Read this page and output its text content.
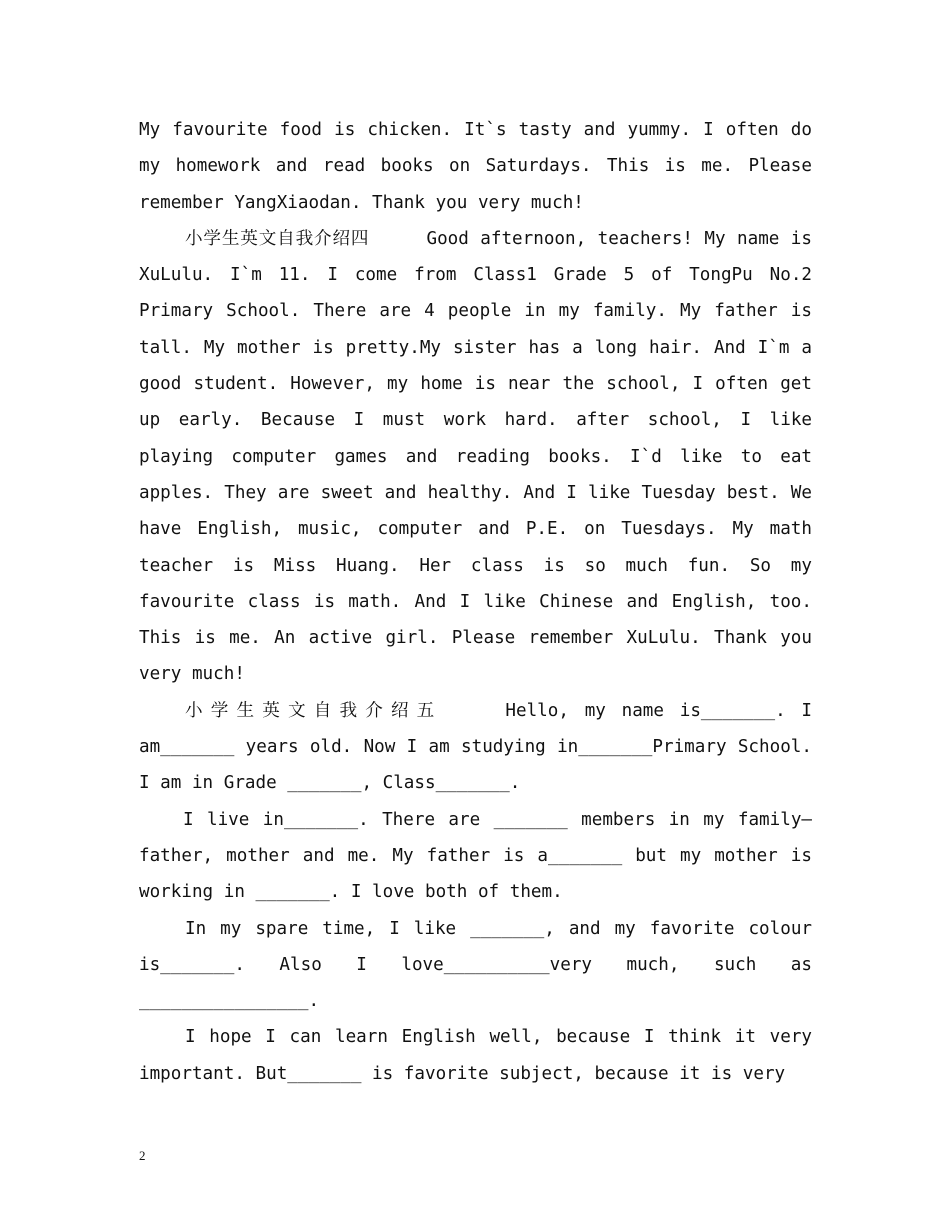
My favourite food is chicken. It`s tasty and yummy. I often do my homework and read books on Saturdays. This is me. Please remember YangXiaodan. Thank you very much!

小学生英文自我介绍四	Good afternoon, teachers! My name is XuLulu. I`m 11. I come from Class1 Grade 5 of TongPu No.2 Primary School. There are 4 people in my family. My father is tall. My mother is pretty.My sister has a long hair. And I`m a good student. However, my home is near the school, I often get up early. Because I must work hard. after school, I like playing computer games and reading books. I`d like to eat apples. They are sweet and healthy. And I like Tuesday best. We have English, music, computer and P.E. on Tuesdays. My math teacher is Miss Huang. Her class is so much fun. So my favourite class is math. And I like Chinese and English, too. This is me. An active girl. Please remember XuLulu. Thank you very much!

小学生英文自我介绍五	Hello, my name is_______. I am_______ years old. Now I am studying in_______Primary School. I am in Grade _______, Class_______.

I live in_______. There are _______ members in my family—father, mother and me. My father is a_______ but my mother is working in _______. I love both of them.

In my spare time, I like _______, and my favorite colour is_______. Also I love__________very much, such as ________________.

I hope I can learn English well, because I think it very important. But_______ is favorite subject, because it is very

2
